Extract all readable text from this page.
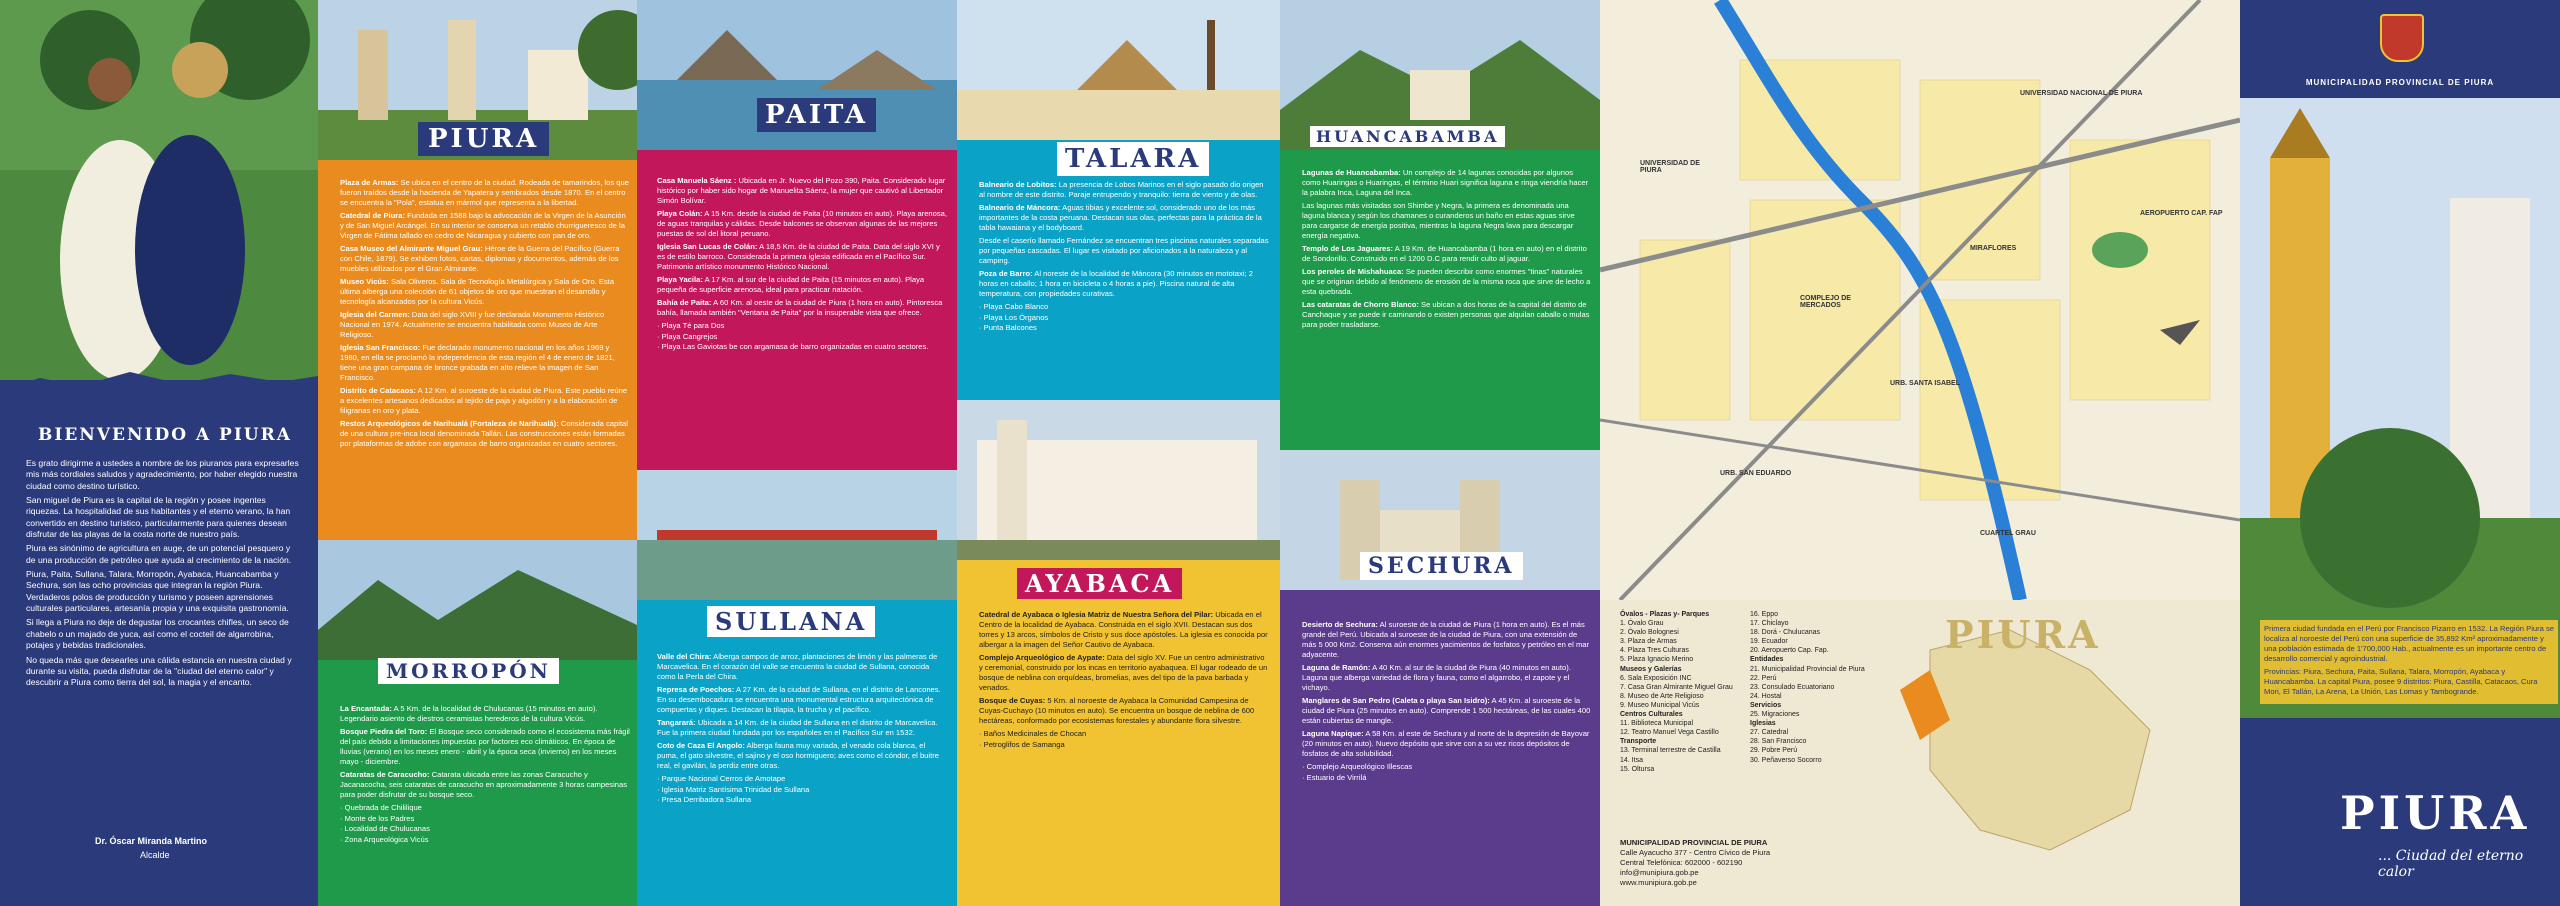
BIENVENIDO A PIURA

Es grato dirigirme a ustedes a nombre de los piuranos para expresarles mis más cordiales saludos y agradecimiento, por haber elegido nuestra ciudad como destino turístico.

San miguel de Piura es la capital de la región y posee ingentes riquezas. La hospitalidad de sus habitantes y el eterno verano, la han convertido en destino turístico, particularmente para quienes desean disfrutar de las playas de la costa norte de nuestro país.

Piura es sinónimo de agricultura en auge, de un potencial pesquero y de una producción de petróleo que ayuda al crecimiento de la nación.

Piura, Paita, Sullana, Talara, Morropón, Ayabaca, Huancabamba y Sechura, son las ocho provincias que integran la región Piura. Verdaderos polos de producción y turismo y poseen aprensiones culturales particulares, artesanía propia y una exquisita gastronomía.

Si llega a Piura no deje de degustar los crocantes chifles, un seco de chabelo o un majado de yuca, así como el cocteil de algarrobina, potajes y bebidas tradicionales.

No queda más que desearles una cálida estancia en nuestra ciudad y durante su visita, pueda disfrutar de la "ciudad del eterno calor" y descubrir a Piura como tierra del sol, la magia y el encanto.

Dr. Óscar Miranda Martino
Alcalde
PIURA

Plaza de Armas: Se ubica en el centro de la ciudad. Rodeada de tamarindos, los que fueron traídos desde la hacienda de Yapatera y sembrados desde 1870. En el centro se encuentra la "Pola", estatua en mármol que representa a la libertad.

Catedral de Piura: Fundada en 1588 bajo la advocación de la Virgen de la Asunción y de San Miguel Arcángel. En su interior se conserva un retablo churrigueresco de la Virgen de Fátima tallado en cedro de Nicaragua y cubierto con pan de oro.

Casa Museo del Almirante Miguel Grau: Héroe de la Guerra del Pacífico (Guerra con Chile, 1879). Se exhiben fotos, cartas, diplomas y documentos, además de los muebles utilizados por el Gran Almirante.

Museo Vicús: Sala Oliveros. Sala de Tecnología Metalúrgica y Sala de Oro. Esta última alberga una colección de 61 objetos de oro que muestran el desarrollo y tecnología alcanzados por la cultura Vicús.

Iglesia del Carmen: Data del siglo XVIII y fue declarada Monumento Histórico Nacional en 1974. Actualmente se encuentra habilitada como Museo de Arte Religioso.

Iglesia San Francisco: Fue declarado monumento nacional en los años 1969 y 1980, en ella se proclamó la independencia de esta región el 4 de enero de 1821, tiene una gran campana de bronce grabada en alto relieve la imagen de San Francisco.

Distrito de Catacaos: A 12 Km. al suroeste de la ciudad de Piura. Este pueblo reúne a excelentes artesanos dedicados al tejido de paja y algodón y a la elaboración de filigranas en oro y plata.

Restos Arqueológicos de Narihualá (Fortaleza de Narihualá): Considerada capital de una cultura pre-inca local denominada Tallán. Las construcciones están formadas por plataformas de adobe con argamasa de barro organizadas en cuatro sectores.

MORROPÓN

La Encantada: A 5 Km. de la localidad de Chulucanas (15 minutos en auto). Legendario asiento de diestros ceramistas herederos de la cultura Vicús.

Bosque Piedra del Toro: El Bosque seco considerado como el ecosistema más frágil del país debido a limitaciones impuestas por factores eco climáticos. En época de lluvias (verano) en los meses enero - abril y la época seca (invierno) en los meses mayo - diciembre.

Cataratas de Caracucho: Catarata ubicada entre las zonas Caracucho y Jacanacocha, seis cataratas de caracucho en aproximadamente 3 horas campesinas para poder disfrutar de su bosque seco.

· Quebrada de Chililique
· Monte de los Padres
· Localidad de Chulucanas
· Zona Arqueológica Vicús
PAITA

Casa Manuela Sáenz : Ubicada en Jr. Nuevo del Pozo 390, Paita. Considerado lugar histórico por haber sido hogar de Manuelita Sáenz, la mujer que cautivó al Libertador Simón Bolívar.

Playa Colán: A 15 Km. desde la ciudad de Paita (10 minutos en auto). Playa arenosa, de aguas tranquilas y cálidas. Desde balcones se observan algunas de las mejores puestas de sol del litoral peruano.

Iglesia San Lucas de Colán: A 18,5 Km. de la ciudad de Paita. Data del siglo XVI y es de estilo barroco. Considerada la primera iglesia edificada en el Pacífico Sur. Patrimonio artístico monumento Histórico Nacional.

Playa Yacila: A 17 Km. al sur de la ciudad de Paita (15 minutos en auto). Playa pequeña de superficie arenosa, ideal para practicar natación.

Bahía de Paita: A 60 Km. al oeste de la ciudad de Piura (1 hora en auto). Pintoresca bahía, llamada también "Ventana de Paita" por la insuperable vista que ofrece.

· Playa Té para Dos
· Playa Cangrejos
· Playa Las Gaviotas be con argamasa de barro organizadas en cuatro sectores.
SULLANA

Valle del Chira: Alberga campos de arroz, plantaciones de limón y las palmeras de Marcavelica. En el corazón del valle se encuentra la ciudad de Sullana, conocida como la Perla del Chira.

Represa de Poechos: A 27 Km. de la ciudad de Sullana, en el distrito de Lancones. En su desembocadura se encuentra una monumental estructura arquitectónica de compuertas y diques. Destacan la tilapia, la trucha y el pacífico.

Tangarará: Ubicada a 14 Km. de la ciudad de Sullana en el distrito de Marcavelica. Fue la primera ciudad fundada por los españoles en el Pacífico Sur en 1532.

Coto de Caza El Angolo: Alberga fauna muy variada, el venado cola blanca, el puma, el gato silvestre, el sajino y el oso hormiguero; aves como el cóndor, el buitre real, el gavilán, la perdiz entre otras.

· Parque Nacional Cerros de Amotape
· Iglesia Matriz Santísima Trinidad de Sullana
· Presa Derribadora Sullana
TALARA

Balneario de Lobitos: La presencia de Lobos Marinos en el siglo pasado dio origen al nombre de este distrito. Paraje entrupendo y tranquilo: tierra de viento y de olas.

Balneario de Máncora: Aguas tibias y excelente sol, considerado uno de los más importantes de la costa peruana. Destacan sus olas, perfectas para la práctica de la tabla hawaiana y el bodyboard.

Desde el caserío llamado Fernández se encuentran tres piscinas naturales separadas por pequeñas cascadas. El lugar es visitado por aficionados a la naturaleza y al camping.

Poza de Barro: Al noreste de la localidad de Máncora (30 minutos en mototaxi; 2 horas en caballo; 1 hora en bicicleta o 4 horas a pie). Piscina natural de alta temperatura, con propiedades curativas.

· Playa Cabo Blanco
· Playa Los Órganos
· Punta Balcones
AYABACA

Catedral de Ayabaca o Iglesia Matriz de Nuestra Señora del Pilar: Ubicada en el Centro de la localidad de Ayabaca. Construida en el siglo XVII. Destacan sus dos torres y 13 arcos, símbolos de Cristo y sus doce apóstoles. La iglesia es conocida por albergar a la imagen del Señor Cautivo de Ayabaca.

Complejo Arqueológico de Aypate: Data del siglo XV. Fue un centro administrativo y ceremonial, construido por los incas en territorio ayabaquea. El lugar rodeado de un bosque de neblina con orquídeas, bromelias, aves del tipo de la pava barbada y venados.

Bosque de Cuyas: 5 Km. al noroeste de Ayabaca la Comunidad Campesina de Cuyas-Cuchayo (10 minutos en auto). Se encuentra un bosque de neblina de 600 hectáreas, conformado por ecosistemas forestales y abundante flora silvestre.

· Baños Medicinales de Chocan
· Petroglifos de Samanga
HUANCABAMBA

Lagunas de Huancabamba: Un complejo de 14 lagunas conocidas por algunos como Huaringas o Huaringas, el término Huari significa laguna e ringa viendría hacer la palabra Inca, Laguna del Inca.

Las lagunas más visitadas son Shimbe y Negra, la primera es denominada una laguna blanca y según los chamanes o curanderos un baño en estas aguas sirve para cargarse de energía positiva, mientras la laguna Negra lava para descargar energía negativa.

Templo de Los Jaguares: A 19 Km. de Huancabamba (1 hora en auto) en el distrito de Sondorillo. Construido en el 1200 D.C para rendir culto al jaguar.

Los peroles de Mishahuaca: Se pueden describir como enormes "tinas" naturales que se originan debido al fenómeno de erosión de la misma roca que sirve de lecho a esta quebrada.

Las cataratas de Chorro Blanco: Se ubican a dos horas de la capital del distrito de Canchaque y se puede ir caminando o existen personas que alquilan caballo o mulas para poder trasladarse.

SECHURA

Desierto de Sechura: Al suroeste de la ciudad de Piura (1 hora en auto). Es el más grande del Perú. Ubicada al suroeste de la ciudad de Piura, con una extensión de más 5 000 Km2. Conserva aún enormes yacimientos de fosfatos y petróleo en el mar adyacente.

Laguna de Ramón: A 40 Km. al sur de la ciudad de Piura (40 minutos en auto). Laguna que alberga variedad de flora y fauna, como el algarrobo, el zapote y el vichayo.

Manglares de San Pedro (Caleta o playa San Isidro): A 45 Km. al suroeste de la ciudad de Piura (25 minutos en auto). Comprende 1 500 hectáreas, de las cuales 400 están cubiertas de mangle.

Laguna Napique: A 58 Km. al este de Sechura y al norte de la depresión de Bayovar (20 minutos en auto). Nuevo depósito que sirve con a su vez ricos depósitos de fosfatos de alta solubilidad.

· Complejo Arqueológico Illescas
· Estuario de Virrilá
UNIVERSIDAD NACIONAL DE PIURA
UNIVERSIDAD DE PIURA
MIRAFLORES
COMPLEJO DE MERCADOS
AEROPUERTO CAP. FAP
CUARTEL GRAU
URB. SANTA ISABEL
URB. SAN EDUARDO
Óvalos - Plazas y- Parques
1. Óvalo Grau
2. Óvalo Bolognesi
3. Plaza de Armas
4. Plaza Tres Culturas
5. Plaza Ignacio Merino
Museos y Galerías
6. Sala Exposición INC
7. Casa Gran Almirante Miguel Grau
8. Museo de Arte Religioso
9. Museo Municipal Vicús
Centros Culturales
11. Biblioteca Municipal
12. Teatro Manuel Vega Castillo
Transporte
13. Terminal terrestre de Castilla
14. Itsa
15. Oltursa
16. Eppo
17. Chiclayo
18. Dorá - Chulucanas
19. Ecuador
20. Aeropuerto Cap. Fap.
Entidades
21. Municipalidad Provincial de Piura
22. Perú
23. Consulado Ecuatoriano
24. Hostal
Servicios
25. Migraciones
Iglesias
27. Catedral
28. San Francisco
29. Pobre Perú
30. Peñaverso Socorro
PIURA
MUNICIPALIDAD PROVINCIAL DE PIURA
Calle Ayacucho 377 - Centro Cívico de Piura
Central Telefónica: 602000 - 602190
info@munipiura.gob.pe
www.munipiura.gob.pe
MUNICIPALIDAD PROVINCIAL DE PIURA

Primera ciudad fundada en el Perú por Francisco Pizarro en 1532. La Región Piura se localiza al noroeste del Perú con una superficie de 35,892 Km² aproximadamente y una población estimada de 1'700,000 Hab., actualmente es un importante centro de desarrollo comercial y agroindustrial.

Provincias: Piura, Sechura, Paita, Sullana, Talara, Morropón, Ayabaca y Huancabamba. La capital Piura, posee 9 distritos: Piura, Castilla, Catacaos, Cura Mori, El Tallán, La Arena, La Unión, Las Lomas y Tambogrande.

PIURA
... Ciudad del eterno calor
